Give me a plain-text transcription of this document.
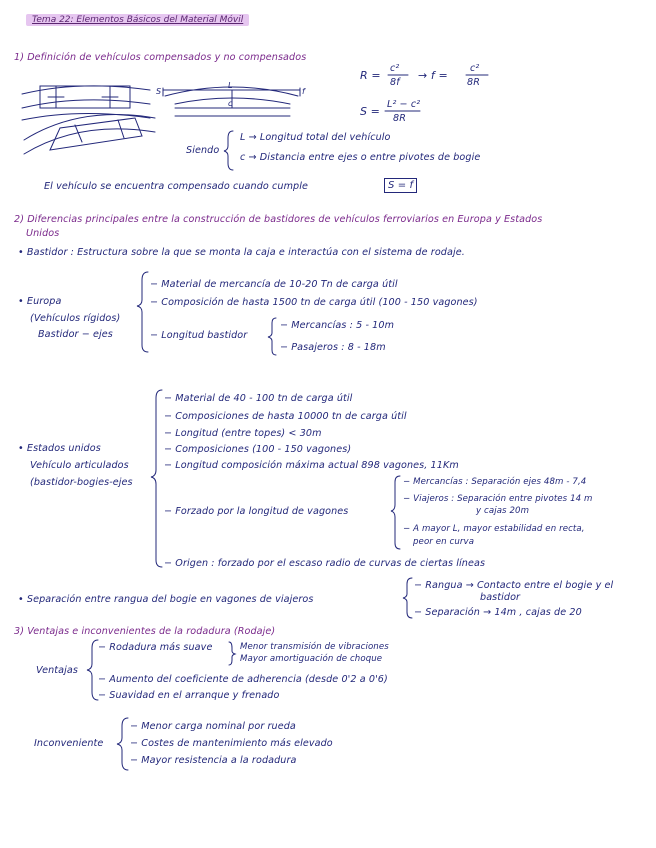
Tema 22: Elementos Básicos del Material Móvil
1) Definición de vehículos compensados y no compensados
S	f
L
c
R =
c²
8f
→ f =
c²
8R
S =
L² − c²
8R
Siendo
L → Longitud total del vehículo
c → Distancia entre ejes o entre pivotes de bogie
El vehículo se encuentra compensado cuando cumple	S = f
2) Diferencias principales entre la construcción de bastidores de vehículos ferroviarios en Europa y Estados
Unidos
• Bastidor : Estructura sobre la que se monta la caja e interactúa con el sistema de rodaje.
• Europa
(Vehículos rígidos)
Bastidor − ejes
− Material de mercancía de 10-20 Tn de carga útil
− Composición de hasta 1500 tn de carga útil (100 - 150 vagones)
− Longitud bastidor
− Mercancías : 5 - 10m
− Pasajeros : 8 - 18m
• Estados unidos
Vehículo articulados
(bastidor-bogies-ejes
− Material de 40 - 100 tn de carga útil
− Composiciones de hasta 10000 tn de carga útil
− Longitud (entre topes) < 30m
− Composiciones (100 - 150 vagones)
− Longitud composición máxima actual 898 vagones, 11Km
− Forzado por la longitud de vagones
− Origen : forzado por el escaso radio de curvas de ciertas líneas
− Mercancías : Separación ejes 48m - 7,4
− Viajeros : Separación entre pivotes 14 m
y cajas 20m
− A mayor L, mayor estabilidad en recta,
peor en curva
• Separación entre rangua del bogie en vagones de viajeros
− Rangua → Contacto entre el bogie y el
bastidor
− Separación → 14m , cajas de 20
3) Ventajas e inconvenientes de la rodadura (Rodaje)
Ventajas
− Rodadura más suave	Menor transmisión de vibraciones
Mayor amortiguación de choque
− Aumento del coeficiente de adherencia (desde 0'2 a 0'6)
− Suavidad en el arranque y frenado
Inconveniente
− Menor carga nominal por rueda
− Costes de mantenimiento más elevado
− Mayor resistencia a la rodadura
